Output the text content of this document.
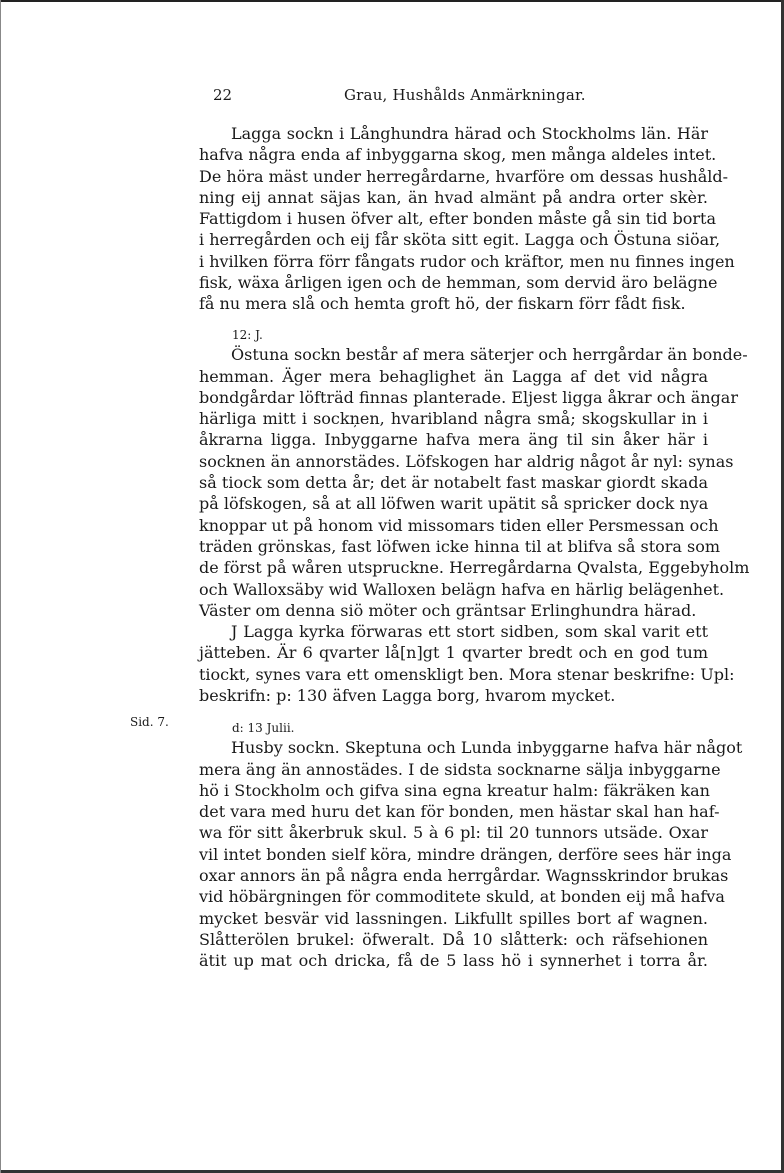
22	Grau, Hushålds Anmärkningar.
Sid. 7.
Lagga sockn i Långhundra härad och Stockholms län. Här
hafva några enda af inbyggarna skog, men många aldeles intet.
De höra mäst under herregårdarne, hvarföre om dessas hushåld-
ning eij annat säjas kan, än hvad almänt på andra orter skèr.
Fattigdom i husen öfver alt, efter bonden måste gå sin tid borta
i herregården och eij får sköta sitt egit. Lagga och Östuna siöar,
i hvilken förra förr fångats rudor och kräftor, men nu finnes ingen
fisk, wäxa årligen igen och de hemman, som dervid äro belägne
få nu mera slå och hemta groft hö, der fiskarn förr fådt fisk.
12: J.
Östuna sockn består af mera säterjer och herrgårdar än bonde-
hemman. Äger mera behaglighet än Lagga af det vid några
bondgårdar löfträd finnas planterade. Eljest ligga åkrar och ängar
härliga mitt i sockņen, hvaribland några små; skogskullar in i
åkrarna ligga. Inbyggarne hafva mera äng til sin åker här i
socknen än annorstädes. Löfskogen har aldrig något år nyl: synas
så tiock som detta år; det är notabelt fast maskar giordt skada
på löfskogen, så at all löfwen warit upätit så spricker dock nya
knoppar ut på honom vid missomars tiden eller Persmessan och
träden grönskas, fast löfwen icke hinna til at blifva så stora som
de först på wåren utspruckne. Herregårdarna Qvalsta, Eggebyholm
och Walloxsäby wid Walloxen belägn hafva en härlig belägenhet.
Väster om denna siö möter och gräntsar Erlinghundra härad.
J Lagga kyrka förwaras ett stort sidben, som skal varit ett
jätteben. Är 6 qvarter lå[n]gt 1 qvarter bredt och en god tum
tiockt, synes vara ett omenskligt ben. Mora stenar beskrifne: Upl:
beskrifn: p: 130 äfven Lagga borg, hvarom mycket.
d: 13 Julii.
Husby sockn. Skeptuna och Lunda inbyggarne hafva här något
mera äng än annostädes. I de sidsta socknarne sälja inbyggarne
hö i Stockholm och gifva sina egna kreatur halm: fäkräken kan
det vara med huru det kan för bonden, men hästar skal han haf-
wa för sitt åkerbruk skul. 5 à 6 pl: til 20 tunnors utsäde. Oxar
vil intet bonden sielf köra, mindre drängen, derföre sees här inga
oxar annors än på några enda herrgårdar. Wagnsskrindor brukas
vid höbärgningen för commoditete skuld, at bonden eij må hafva
mycket besvär vid lassningen. Likfullt spilles bort af wagnen.
Slåtterölen brukel: öfweralt. Då 10 slåtterk: och räfsehionen
ätit up mat och dricka, få de 5 lass hö i synnerhet i torra år.
